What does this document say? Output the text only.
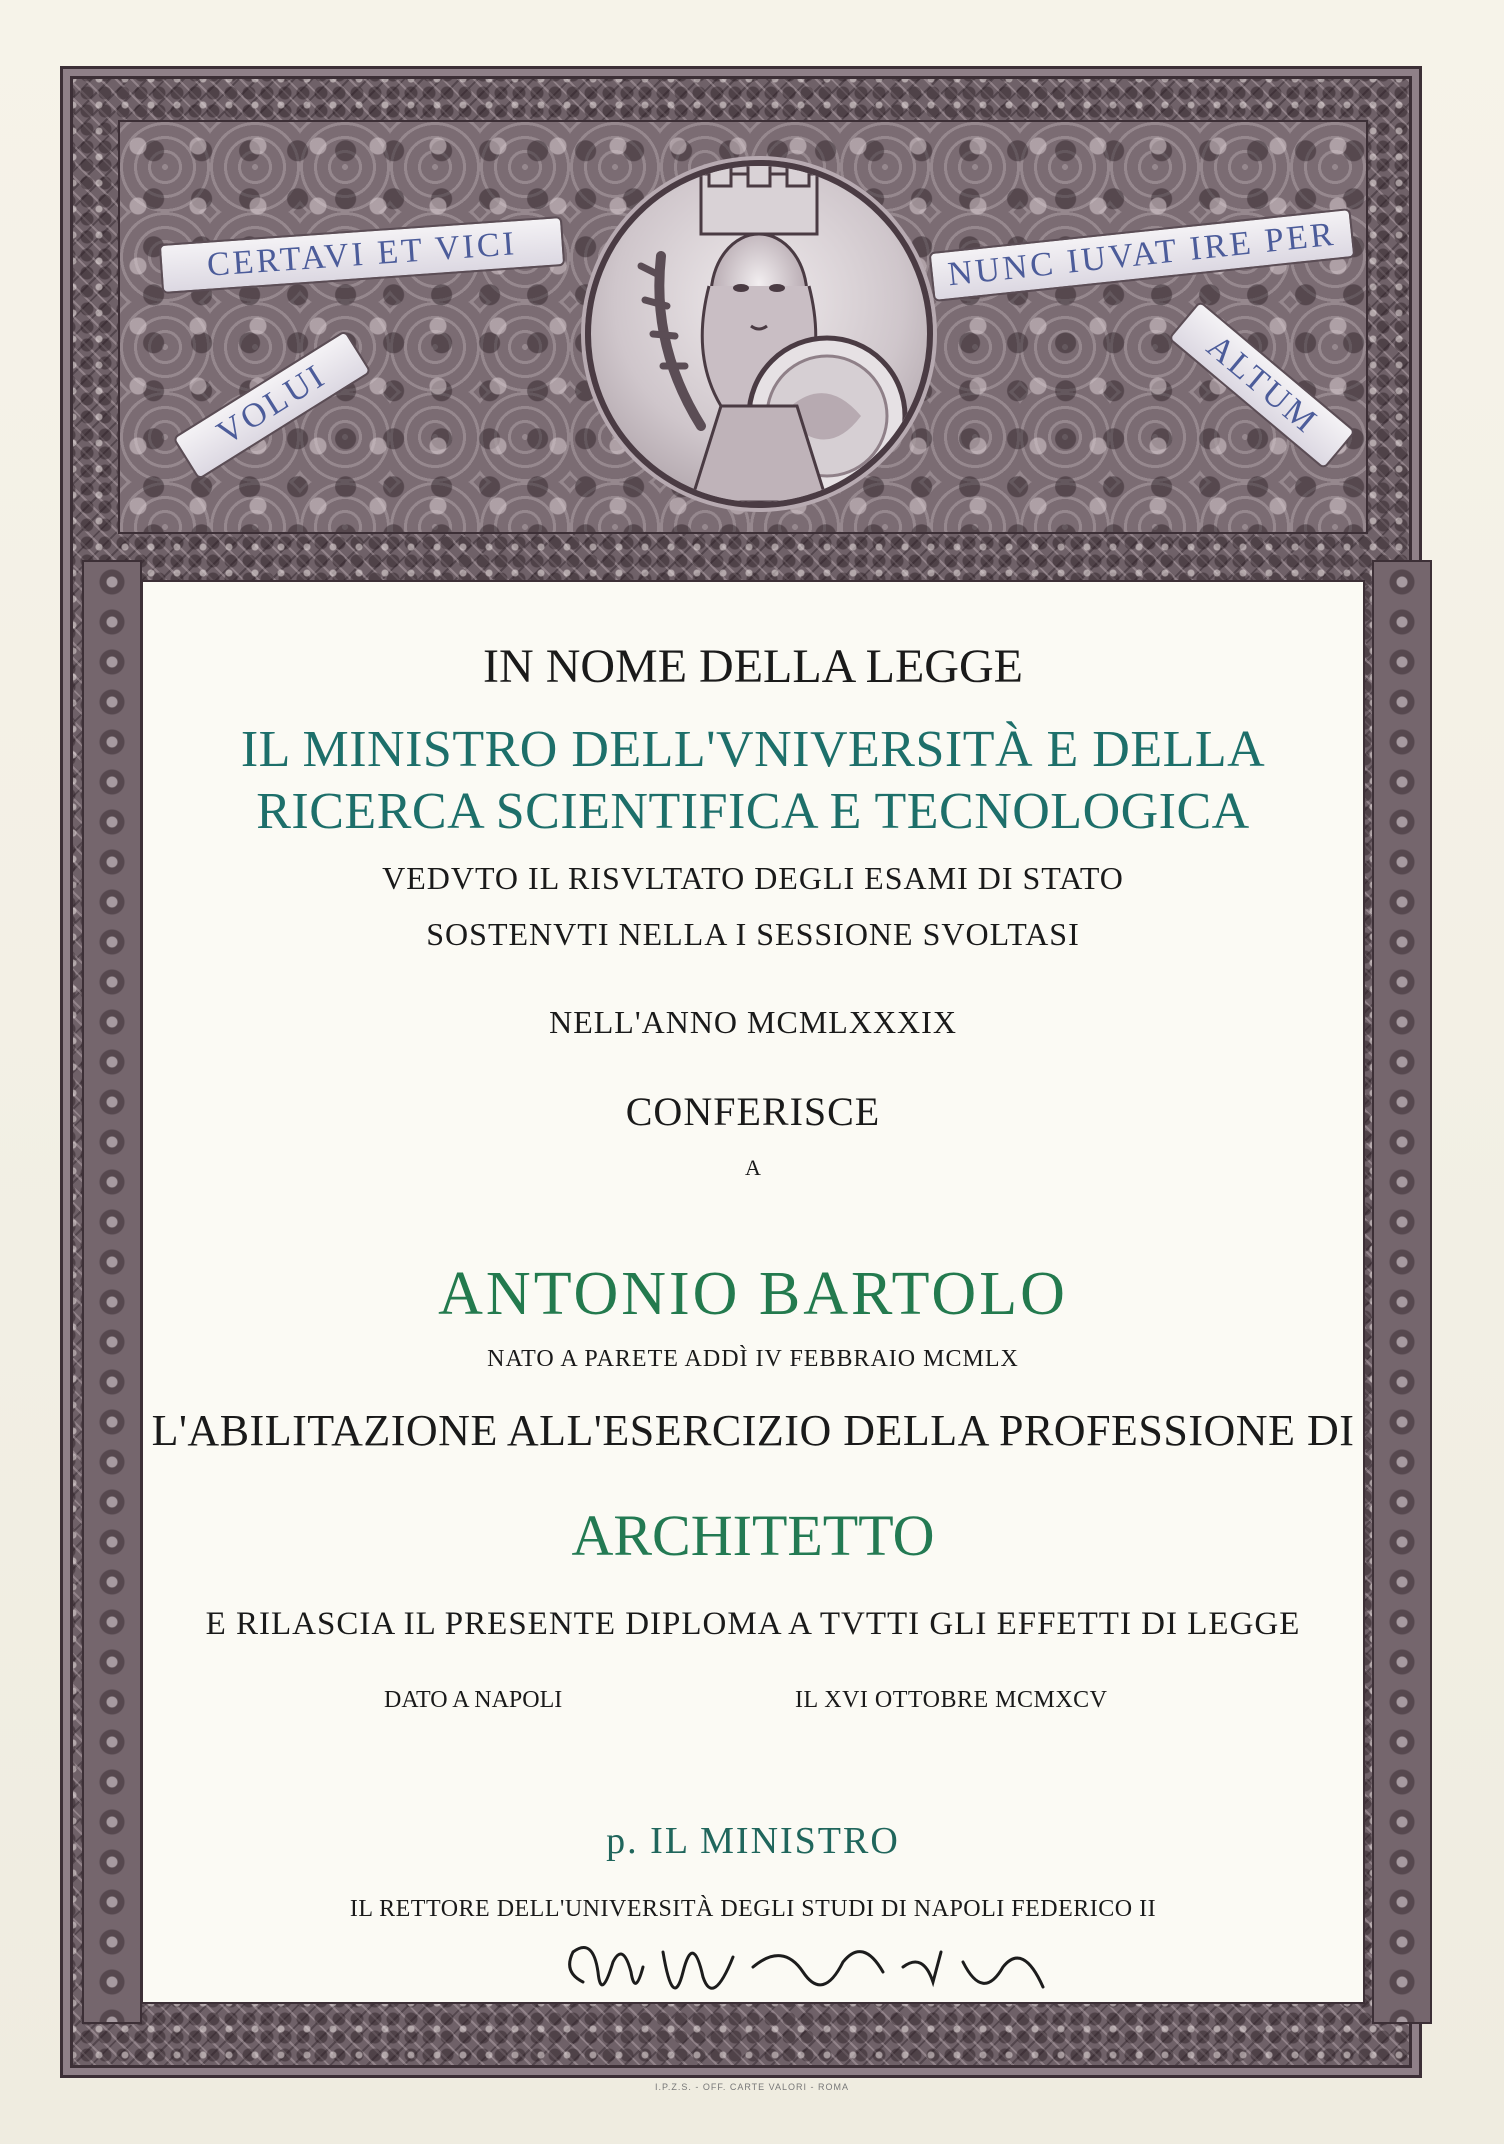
CERTAVI ET VICI
VOLUI
NUNC IUVAT IRE PER
ALTUM
IN NOME DELLA LEGGE
IL MINISTRO DELL'VNIVERSITÀ E DELLA
RICERCA SCIENTIFICA E TECNOLOGICA
VEDVTO IL RISVLTATO DEGLI ESAMI DI STATO
SOSTENVTI NELLA I SESSIONE SVOLTASI
NELL'ANNO MCMLXXXIX
CONFERISCE
A
ANTONIO BARTOLO
NATO A PARETE ADDÌ IV FEBBRAIO MCMLX
L'ABILITAZIONE ALL'ESERCIZIO DELLA PROFESSIONE DI
ARCHITETTO
E RILASCIA IL PRESENTE DIPLOMA A TVTTI GLI EFFETTI DI LEGGE
DATO A NAPOLI	IL XVI OTTOBRE MCMXCV
p. IL MINISTRO
IL RETTORE DELL'UNIVERSITÀ DEGLI STUDI DI NAPOLI FEDERICO II
I.P.Z.S. - OFF. CARTE VALORI - ROMA
